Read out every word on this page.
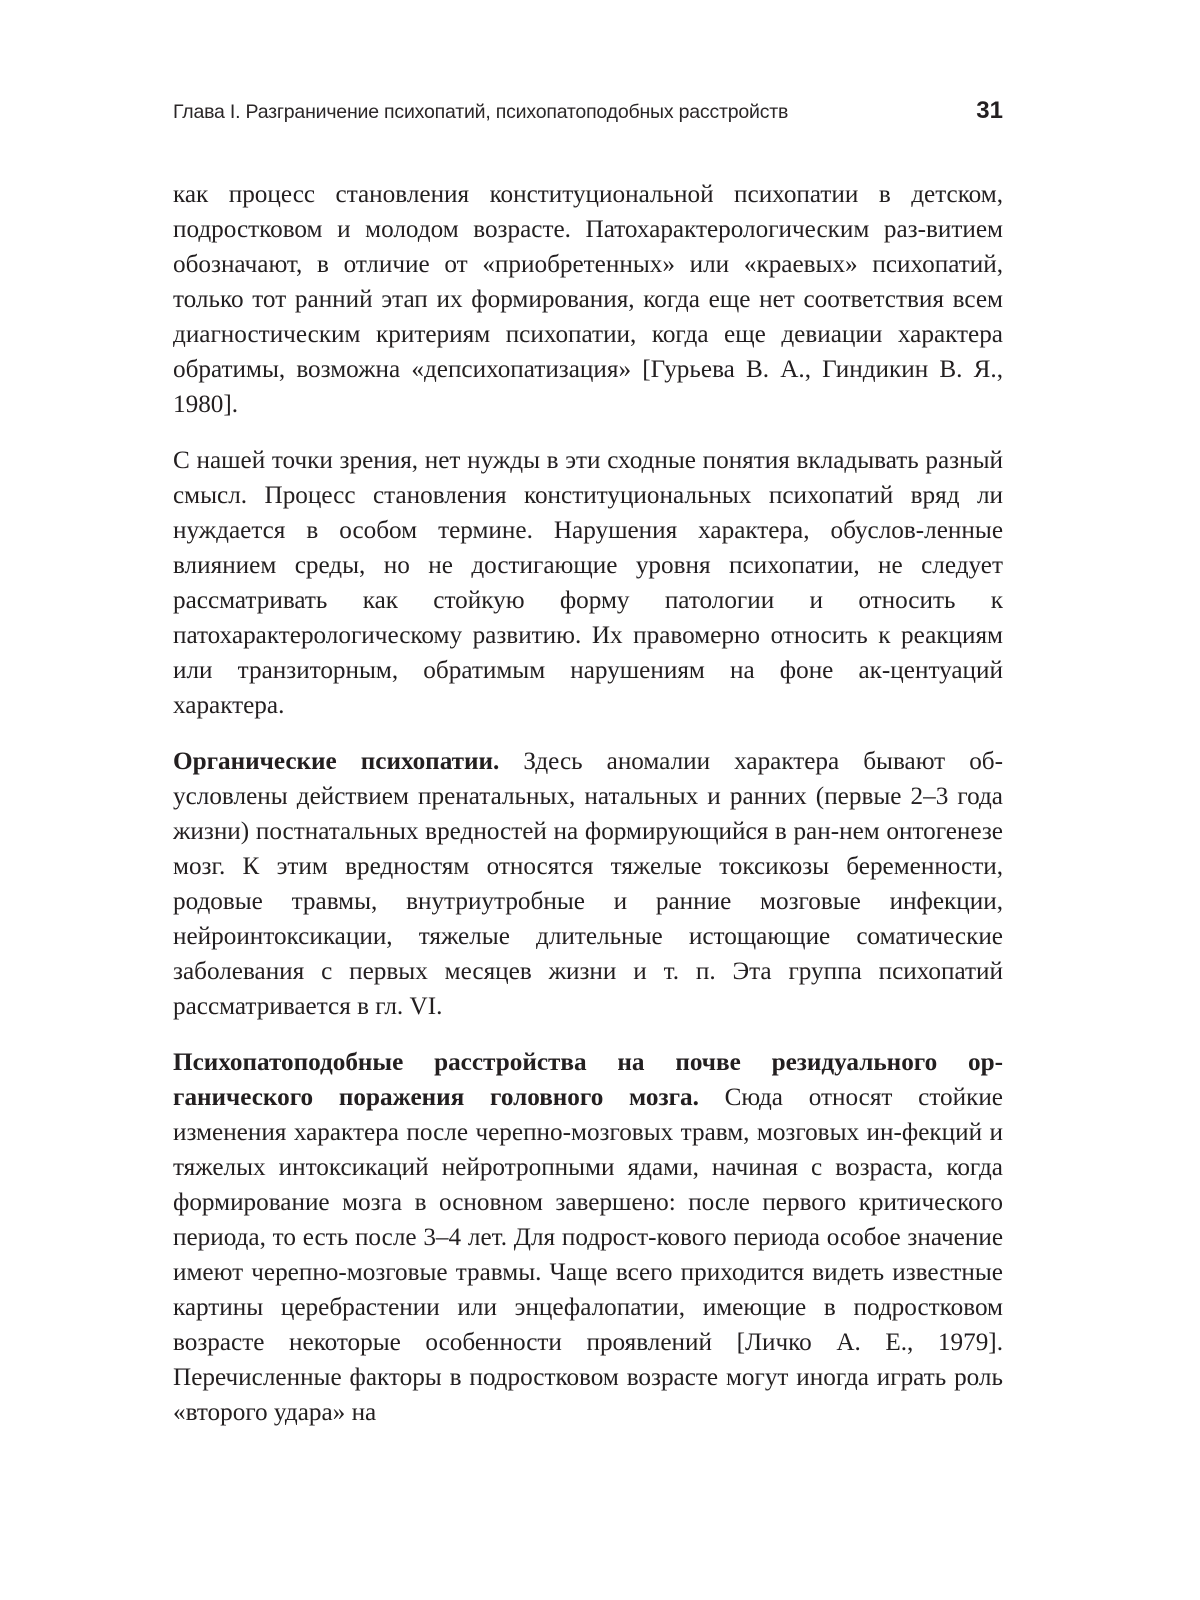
Глава I. Разграничение психопатий, психопатоподобных расстройств	31

как процесс становления конституциональной психопатии в детском, подростковом и молодом возрасте. Патохарактерологическим раз-витием обозначают, в отличие от «приобретенных» или «краевых» психопатий, только тот ранний этап их формирования, когда еще нет соответствия всем диагностическим критериям психопатии, когда еще девиации характера обратимы, возможна «депсихопатизация» [Гурьева В. А., Гиндикин В. Я., 1980].

С нашей точки зрения, нет нужды в эти сходные понятия вкладывать разный смысл. Процесс становления конституциональных психопатий вряд ли нуждается в особом термине. Нарушения характера, обуслов-ленные влиянием среды, но не достигающие уровня психопатии, не следует рассматривать как стойкую форму патологии и относить к патохарактерологическому развитию. Их правомерно относить к реакциям или транзиторным, обратимым нарушениям на фоне ак-центуаций характера.

Органические психопатии. Здесь аномалии характера бывают об-условлены действием пренатальных, натальных и ранних (первые 2–3 года жизни) постнатальных вредностей на формирующийся в ран-нем онтогенезе мозг. К этим вредностям относятся тяжелые токсикозы беременности, родовые травмы, внутриутробные и ранние мозговые инфекции, нейроинтоксикации, тяжелые длительные истощающие соматические заболевания с первых месяцев жизни и т. п. Эта группа психопатий рассматривается в гл. VI.

Психопатоподобные расстройства на почве резидуального ор-ганического поражения головного мозга. Сюда относят стойкие изменения характера после черепно-мозговых травм, мозговых ин-фекций и тяжелых интоксикаций нейротропными ядами, начиная с возраста, когда формирование мозга в основном завершено: после первого критического периода, то есть после 3–4 лет. Для подрост-кового периода особое значение имеют черепно-мозговые травмы. Чаще всего приходится видеть известные картины церебрастении или энцефалопатии, имеющие в подростковом возрасте некоторые особенности проявлений [Личко А. Е., 1979]. Перечисленные факторы в подростковом возрасте могут иногда играть роль «второго удара» на
